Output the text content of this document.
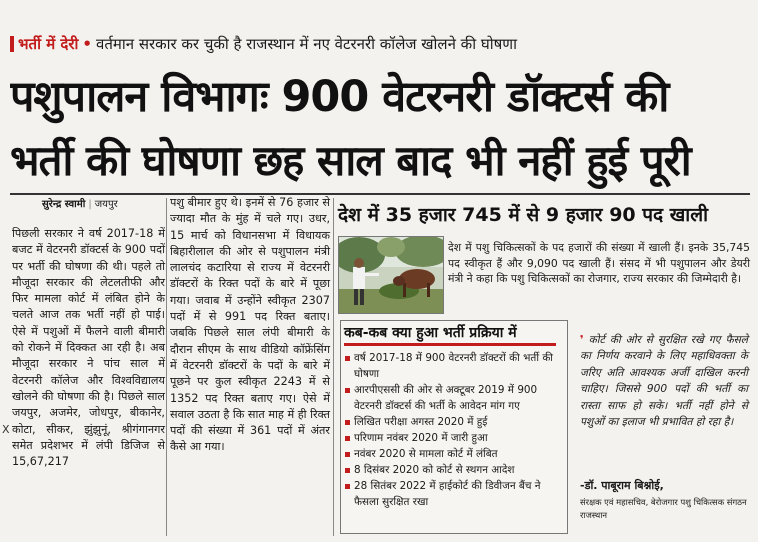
भर्ती में देरी • वर्तमान सरकार कर चुकी है राजस्थान में नए वेटरनरी कॉलेज खोलने की घोषणा
पशुपालन विभागः 900 वेटरनरी डॉक्टर्स की
भर्ती की घोषणा छह साल बाद भी नहीं हुई पूरी
सुरेन्द्र स्वामी | जयपुर
पिछली सरकार ने वर्ष 2017-18 में बजट में वेटरनरी डॉक्टर्स के 900 पदों पर भर्ती की घोषणा की थी। पहले तो मौजूदा सरकार की लेटलतीफी और फिर मामला कोर्ट में लंबित होने के चलते आज तक भर्ती नहीं हो पाई। ऐसे में पशुओं में फैलने वाली बीमारी को रोकने में दिक्कत आ रही है। अब मौजूदा सरकार ने पांच साल में वेटरनरी कॉलेज और विश्वविद्यालय खोलने की घोषणा की है। पिछले साल जयपुर, अजमेर, जोधपुर, बीकानेर, कोटा, सीकर, झुंझुनूं, श्रीगंगानगर समेत प्रदेशभर में लंपी डिजिज से 15,67,217
X
पशु बीमार हुए थे। इनमें से 76 हजार से ज्यादा मौत के मुंह में चले गए। उधर, 15 मार्च को विधानसभा में विधायक बिहारीलाल की ओर से पशुपालन मंत्री लालचंद कटारिया से राज्य में वेटरनरी डॉक्टरों के रिक्त पदों के बारे में पूछा गया। जवाब में उन्होंने स्वीकृत 2307 पदों में से 991 पद रिक्त बताए। जबकि पिछले साल लंपी बीमारी के दौरान सीएम के साथ वीडियो कॉफ्रेंसिंग में वेटरनरी डॉक्टरों के पदों के बारे में पूछने पर कुल स्वीकृत 2243 में से 1352 पद रिक्त बताए गए। ऐसे में सवाल उठता है कि सात माह में ही रिक्त पदों की संख्या में 361 पदों में अंतर कैसे आ गया।
देश में 35 हजार 745 में से 9 हजार 90 पद खाली
देश में पशु चिकित्सकों के पद हजारों की संख्या में खाली हैं। इनके 35,745 पद स्वीकृत हैं और 9,090 पद खाली हैं। संसद में भी पशुपालन और डेयरी मंत्री ने कहा कि पशु चिकित्सकों का रोजगार, राज्य सरकार की जिम्मेदारी है।
कब-कब क्या हुआ भर्ती प्रक्रिया में
वर्ष 2017-18 में 900 वेटरनरी डॉक्टरों की भर्ती की घोषणा
आरपीएससी की ओर से अक्टूबर 2019 में 900 वेटरनरी डॉक्टर्स की भर्ती के आवेदन मांग गए
लिखित परीक्षा अगस्त 2020 में हुई
परिणाम नवंबर 2020 में जारी हुआ
नवंबर 2020 से मामला कोर्ट में लंबित
8 दिसंबर 2020 को कोर्ट से स्थगन आदेश
28 सितंबर 2022 में हाईकोर्ट की डिवीजन बैंच ने फैसला सुरक्षित रखा
❜ कोर्ट की ओर से सुरक्षित रखे गए फैसले का निर्णय करवाने के लिए महाधिवक्ता के जरिए अति आवश्यक अर्जी दाखिल करनी चाहिए। जिससे 900 पदों की भर्ती का रास्ता साफ हो सके। भर्ती नहीं होने से पशुओं का इलाज भी प्रभावित हो रहा है।
-डॉ. पाबूराम बिश्नोई,
संरक्षक एवं महासचिव, बेरोजगार पशु चिकित्सक संगठन राजस्थान
